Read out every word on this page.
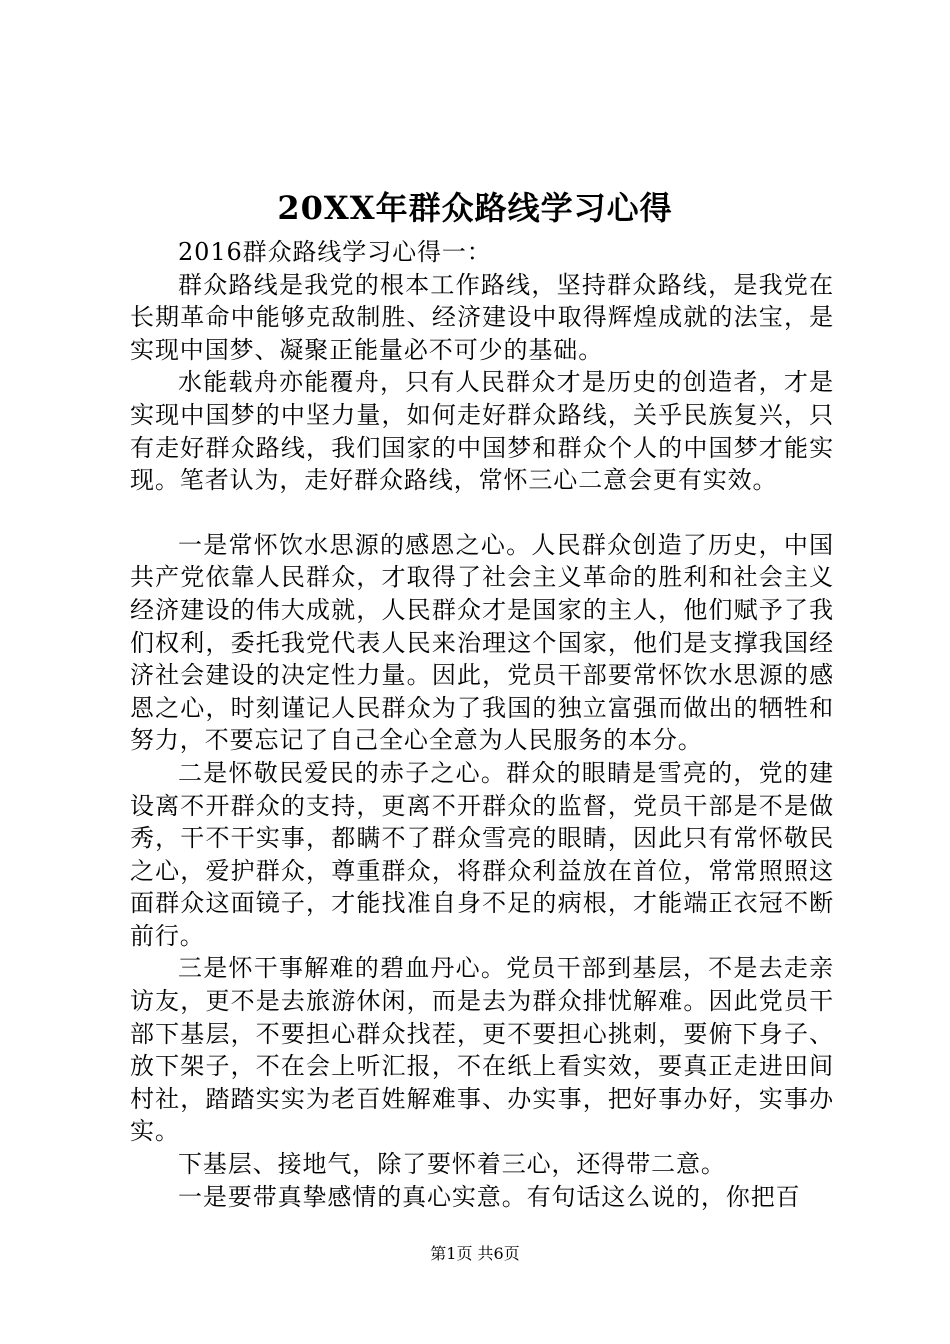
20XX年群众路线学习心得

2016群众路线学习心得一：

群众路线是我党的根本工作路线，坚持群众路线，是我党在长期革命中能够克敌制胜、经济建设中取得辉煌成就的法宝，是实现中国梦、凝聚正能量必不可少的基础。

水能载舟亦能覆舟，只有人民群众才是历史的创造者，才是实现中国梦的中坚力量，如何走好群众路线，关乎民族复兴，只有走好群众路线，我们国家的中国梦和群众个人的中国梦才能实现。笔者认为，走好群众路线，常怀三心二意会更有实效。

一是常怀饮水思源的感恩之心。人民群众创造了历史，中国共产党依靠人民群众，才取得了社会主义革命的胜利和社会主义经济建设的伟大成就，人民群众才是国家的主人，他们赋予了我们权利，委托我党代表人民来治理这个国家，他们是支撑我国经济社会建设的决定性力量。因此，党员干部要常怀饮水思源的感恩之心，时刻谨记人民群众为了我国的独立富强而做出的牺牲和努力，不要忘记了自己全心全意为人民服务的本分。

二是怀敬民爱民的赤子之心。群众的眼睛是雪亮的，党的建设离不开群众的支持，更离不开群众的监督，党员干部是不是做秀，干不干实事，都瞒不了群众雪亮的眼睛，因此只有常怀敬民之心，爱护群众，尊重群众，将群众利益放在首位，常常照照这面群众这面镜子，才能找准自身不足的病根，才能端正衣冠不断前行。

三是怀干事解难的碧血丹心。党员干部到基层，不是去走亲访友，更不是去旅游休闲，而是去为群众排忧解难。因此党员干部下基层，不要担心群众找茬，更不要担心挑刺，要俯下身子、放下架子，不在会上听汇报，不在纸上看实效，要真正走进田间村社，踏踏实实为老百姓解难事、办实事，把好事办好，实事办实。

下基层、接地气，除了要怀着三心，还得带二意。

一是要带真挚感情的真心实意。有句话这么说的，你把百

第1页 共6页
